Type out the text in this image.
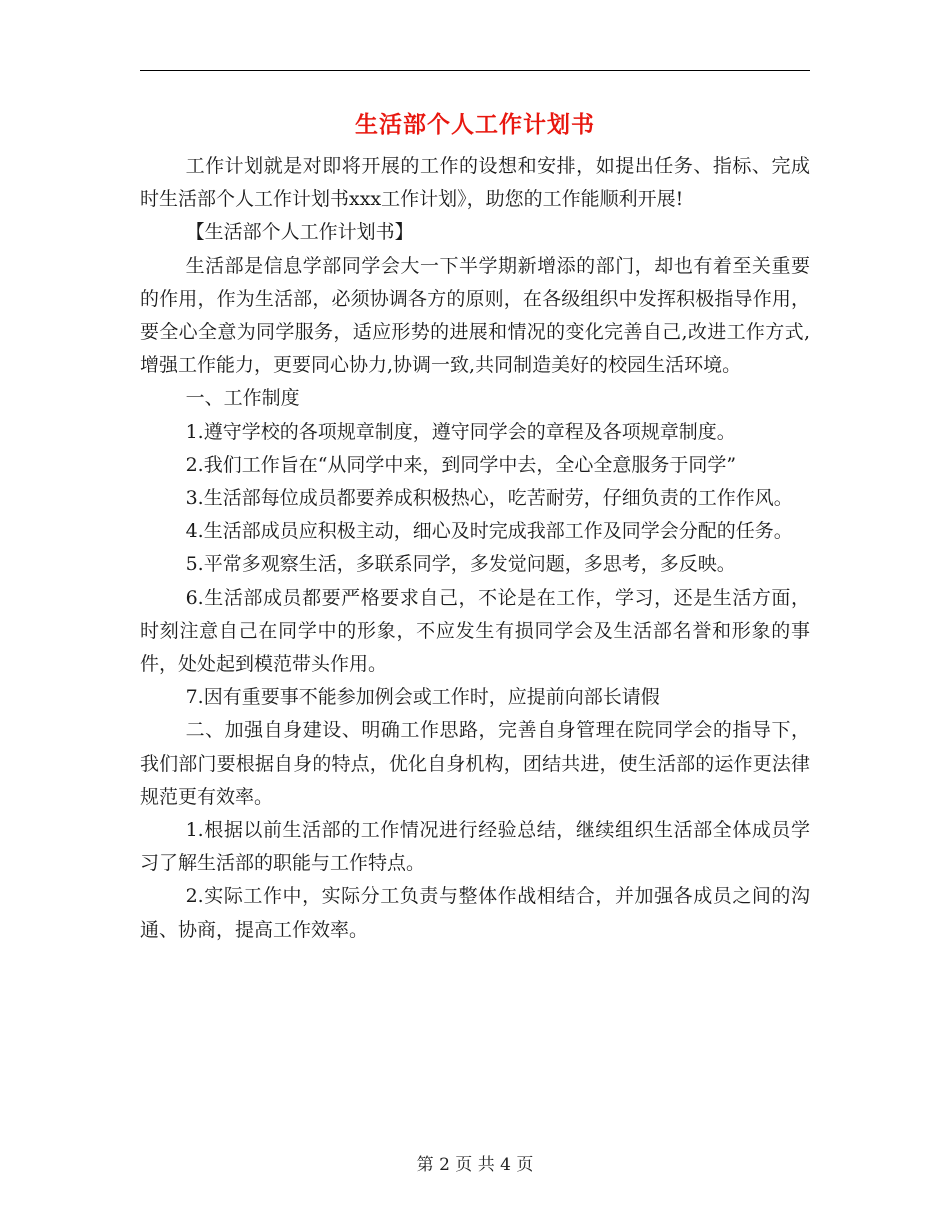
生活部个人工作计划书

工作计划就是对即将开展的工作的设想和安排，如提出任务、指标、完成时生活部个人工作计划书xxx工作计划》，助您的工作能顺利开展!

【生活部个人工作计划书】

生活部是信息学部同学会大一下半学期新增添的部门，却也有着至关重要的作用，作为生活部，必须协调各方的原则，在各级组织中发挥积极指导作用，要全心全意为同学服务，适应形势的进展和情况的变化完善自己,改进工作方式,增强工作能力，更要同心协力,协调一致,共同制造美好的校园生活环境。

一、工作制度

1.遵守学校的各项规章制度，遵守同学会的章程及各项规章制度。

2.我们工作旨在“从同学中来，到同学中去，全心全意服务于同学”

3.生活部每位成员都要养成积极热心，吃苦耐劳，仔细负责的工作作风。

4.生活部成员应积极主动，细心及时完成我部工作及同学会分配的任务。

5.平常多观察生活，多联系同学，多发觉问题，多思考，多反映。

6.生活部成员都要严格要求自己，不论是在工作，学习，还是生活方面，时刻注意自己在同学中的形象，不应发生有损同学会及生活部名誉和形象的事件，处处起到模范带头作用。

7.因有重要事不能参加例会或工作时，应提前向部长请假

二、加强自身建设、明确工作思路，完善自身管理在院同学会的指导下，我们部门要根据自身的特点，优化自身机构，团结共进，使生活部的运作更法律规范更有效率。

1.根据以前生活部的工作情况进行经验总结，继续组织生活部全体成员学习了解生活部的职能与工作特点。

2.实际工作中，实际分工负责与整体作战相结合，并加强各成员之间的沟通、协商，提高工作效率。

第 2 页 共 4 页
